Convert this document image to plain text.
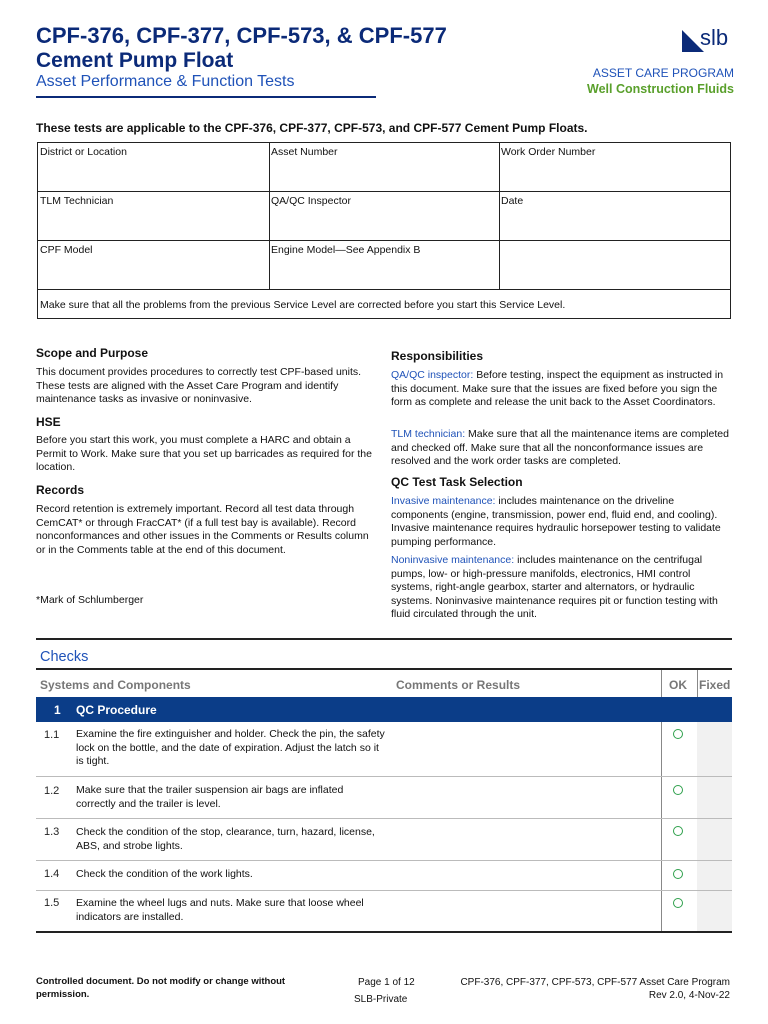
CPF-376, CPF-377, CPF-573, & CPF-577
Cement Pump Float
Asset Performance & Function Tests
slb
ASSET CARE PROGRAM
Well Construction Fluids
These tests are applicable to the CPF-376, CPF-377, CPF-573, and CPF-577 Cement Pump Floats.
District or Location	Asset Number	Work Order Number
TLM Technician	QA/QC Inspector	Date
CPF Model	Engine Model—See Appendix B
Make sure that all the problems from the previous Service Level are corrected before you start this Service Level.
Scope and Purpose
This document provides procedures to correctly test CPF-based units. These tests are aligned with the Asset Care Program and identify maintenance tasks as invasive or noninvasive.
HSE
Before you start this work, you must complete a HARC and obtain a Permit to Work. Make sure that you set up barricades as required for the location.
Records
Record retention is extremely important. Record all test data through CemCAT* or through FracCAT* (if a full test bay is available). Record nonconformances and other issues in the Comments or Results column or in the Comments table at the end of this document.
*Mark of Schlumberger
Responsibilities
QA/QC inspector: Before testing, inspect the equipment as instructed in this document. Make sure that the issues are fixed before you sign the form as complete and release the unit back to the Asset Coordinators.
TLM technician: Make sure that all the maintenance items are completed and checked off. Make sure that all the nonconformance issues are resolved and the work order tasks are completed.
QC Test Task Selection
Invasive maintenance: includes maintenance on the driveline components (engine, transmission, power end, fluid end, and cooling). Invasive maintenance requires hydraulic horsepower testing to validate pumping performance.
Noninvasive maintenance: includes maintenance on the centrifugal pumps, low- or high-pressure manifolds, electronics, HMI control systems, right-angle gearbox, starter and alternators, or hydraulic systems. Noninvasive maintenance requires pit or function testing with fluid circulated through the unit.
Checks
Systems and Components	Comments or Results	OK Fixed
1 QC Procedure
1.1 Examine the fire extinguisher and holder. Check the pin, the safety lock on the bottle, and the date of expiration. Adjust the latch so it is tight.
1.2 Make sure that the trailer suspension air bags are inflated correctly and the trailer is level.
1.3 Check the condition of the stop, clearance, turn, hazard, license, ABS, and strobe lights.
1.4 Check the condition of the work lights.
1.5 Examine the wheel lugs and nuts. Make sure that loose wheel indicators are installed.
Controlled document. Do not modify or change without permission.
Page 1 of 12
SLB-Private
CPF-376, CPF-377, CPF-573, CPF-577 Asset Care Program
Rev 2.0, 4-Nov-22
